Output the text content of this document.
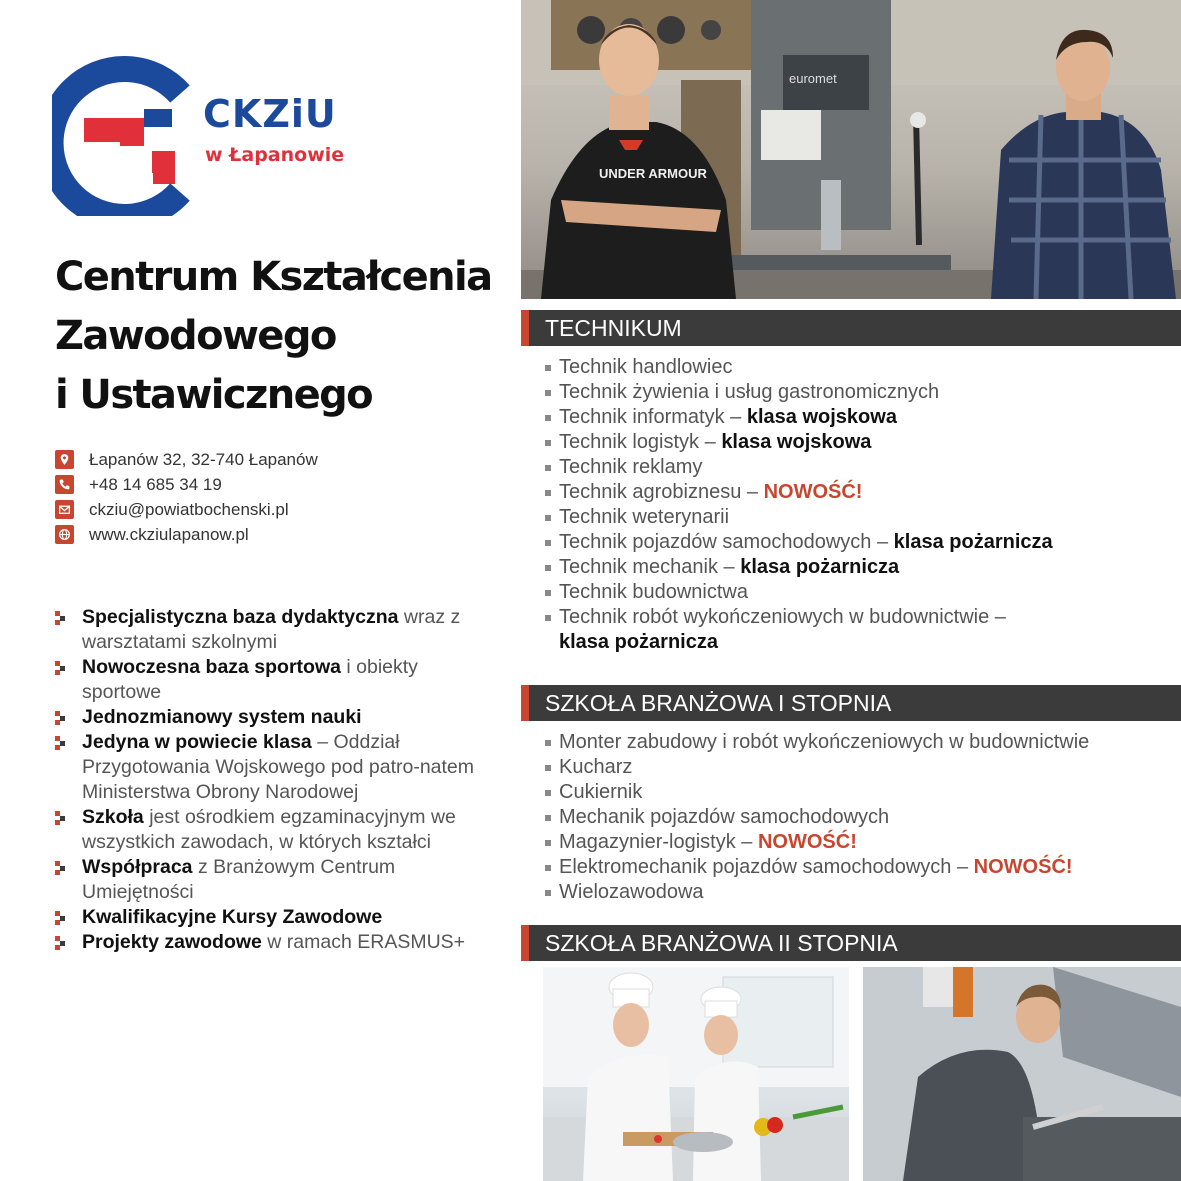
CKZiU
w Łapanowie
Centrum Kształcenia
Zawodowego
i Ustawicznego
Łapanów 32, 32-740 Łapanów
+48 14 685 34 19
ckziu@powiatbochenski.pl
www.ckziulapanow.pl
Specjalistyczna baza dydaktyczna wraz z warsztatami szkolnymi
Nowoczesna baza sportowa i obiekty sportowe
Jednozmianowy system nauki
Jedyna w powiecie klasa – Oddział Przygotowania Wojskowego pod patro-natem Ministerstwa Obrony Narodowej
Szkoła jest ośrodkiem egzaminacyjnym we wszystkich zawodach, w których kształci
Współpraca z Branżowym Centrum Umiejętności
Kwalifikacyjne Kursy Zawodowe
Projekty zawodowe w ramach ERASMUS+
euromet
UNDER ARMOUR
TECHNIKUM
Technik handlowiec
Technik żywienia i usług gastronomicznych
Technik informatyk – klasa wojskowa
Technik logistyk – klasa wojskowa
Technik reklamy
Technik agrobiznesu – NOWOŚĆ!
Technik weterynarii
Technik pojazdów samochodowych – klasa pożarnicza
Technik mechanik – klasa pożarnicza
Technik budownictwa
Technik robót wykończeniowych w budownictwie –
klasa pożarnicza
SZKOŁA BRANŻOWA I STOPNIA
Monter zabudowy i robót wykończeniowych w budownictwie
Kucharz
Cukiernik
Mechanik pojazdów samochodowych
Magazynier-logistyk – NOWOŚĆ!
Elektromechanik pojazdów samochodowych – NOWOŚĆ!
Wielozawodowa
SZKOŁA BRANŻOWA II STOPNIA
